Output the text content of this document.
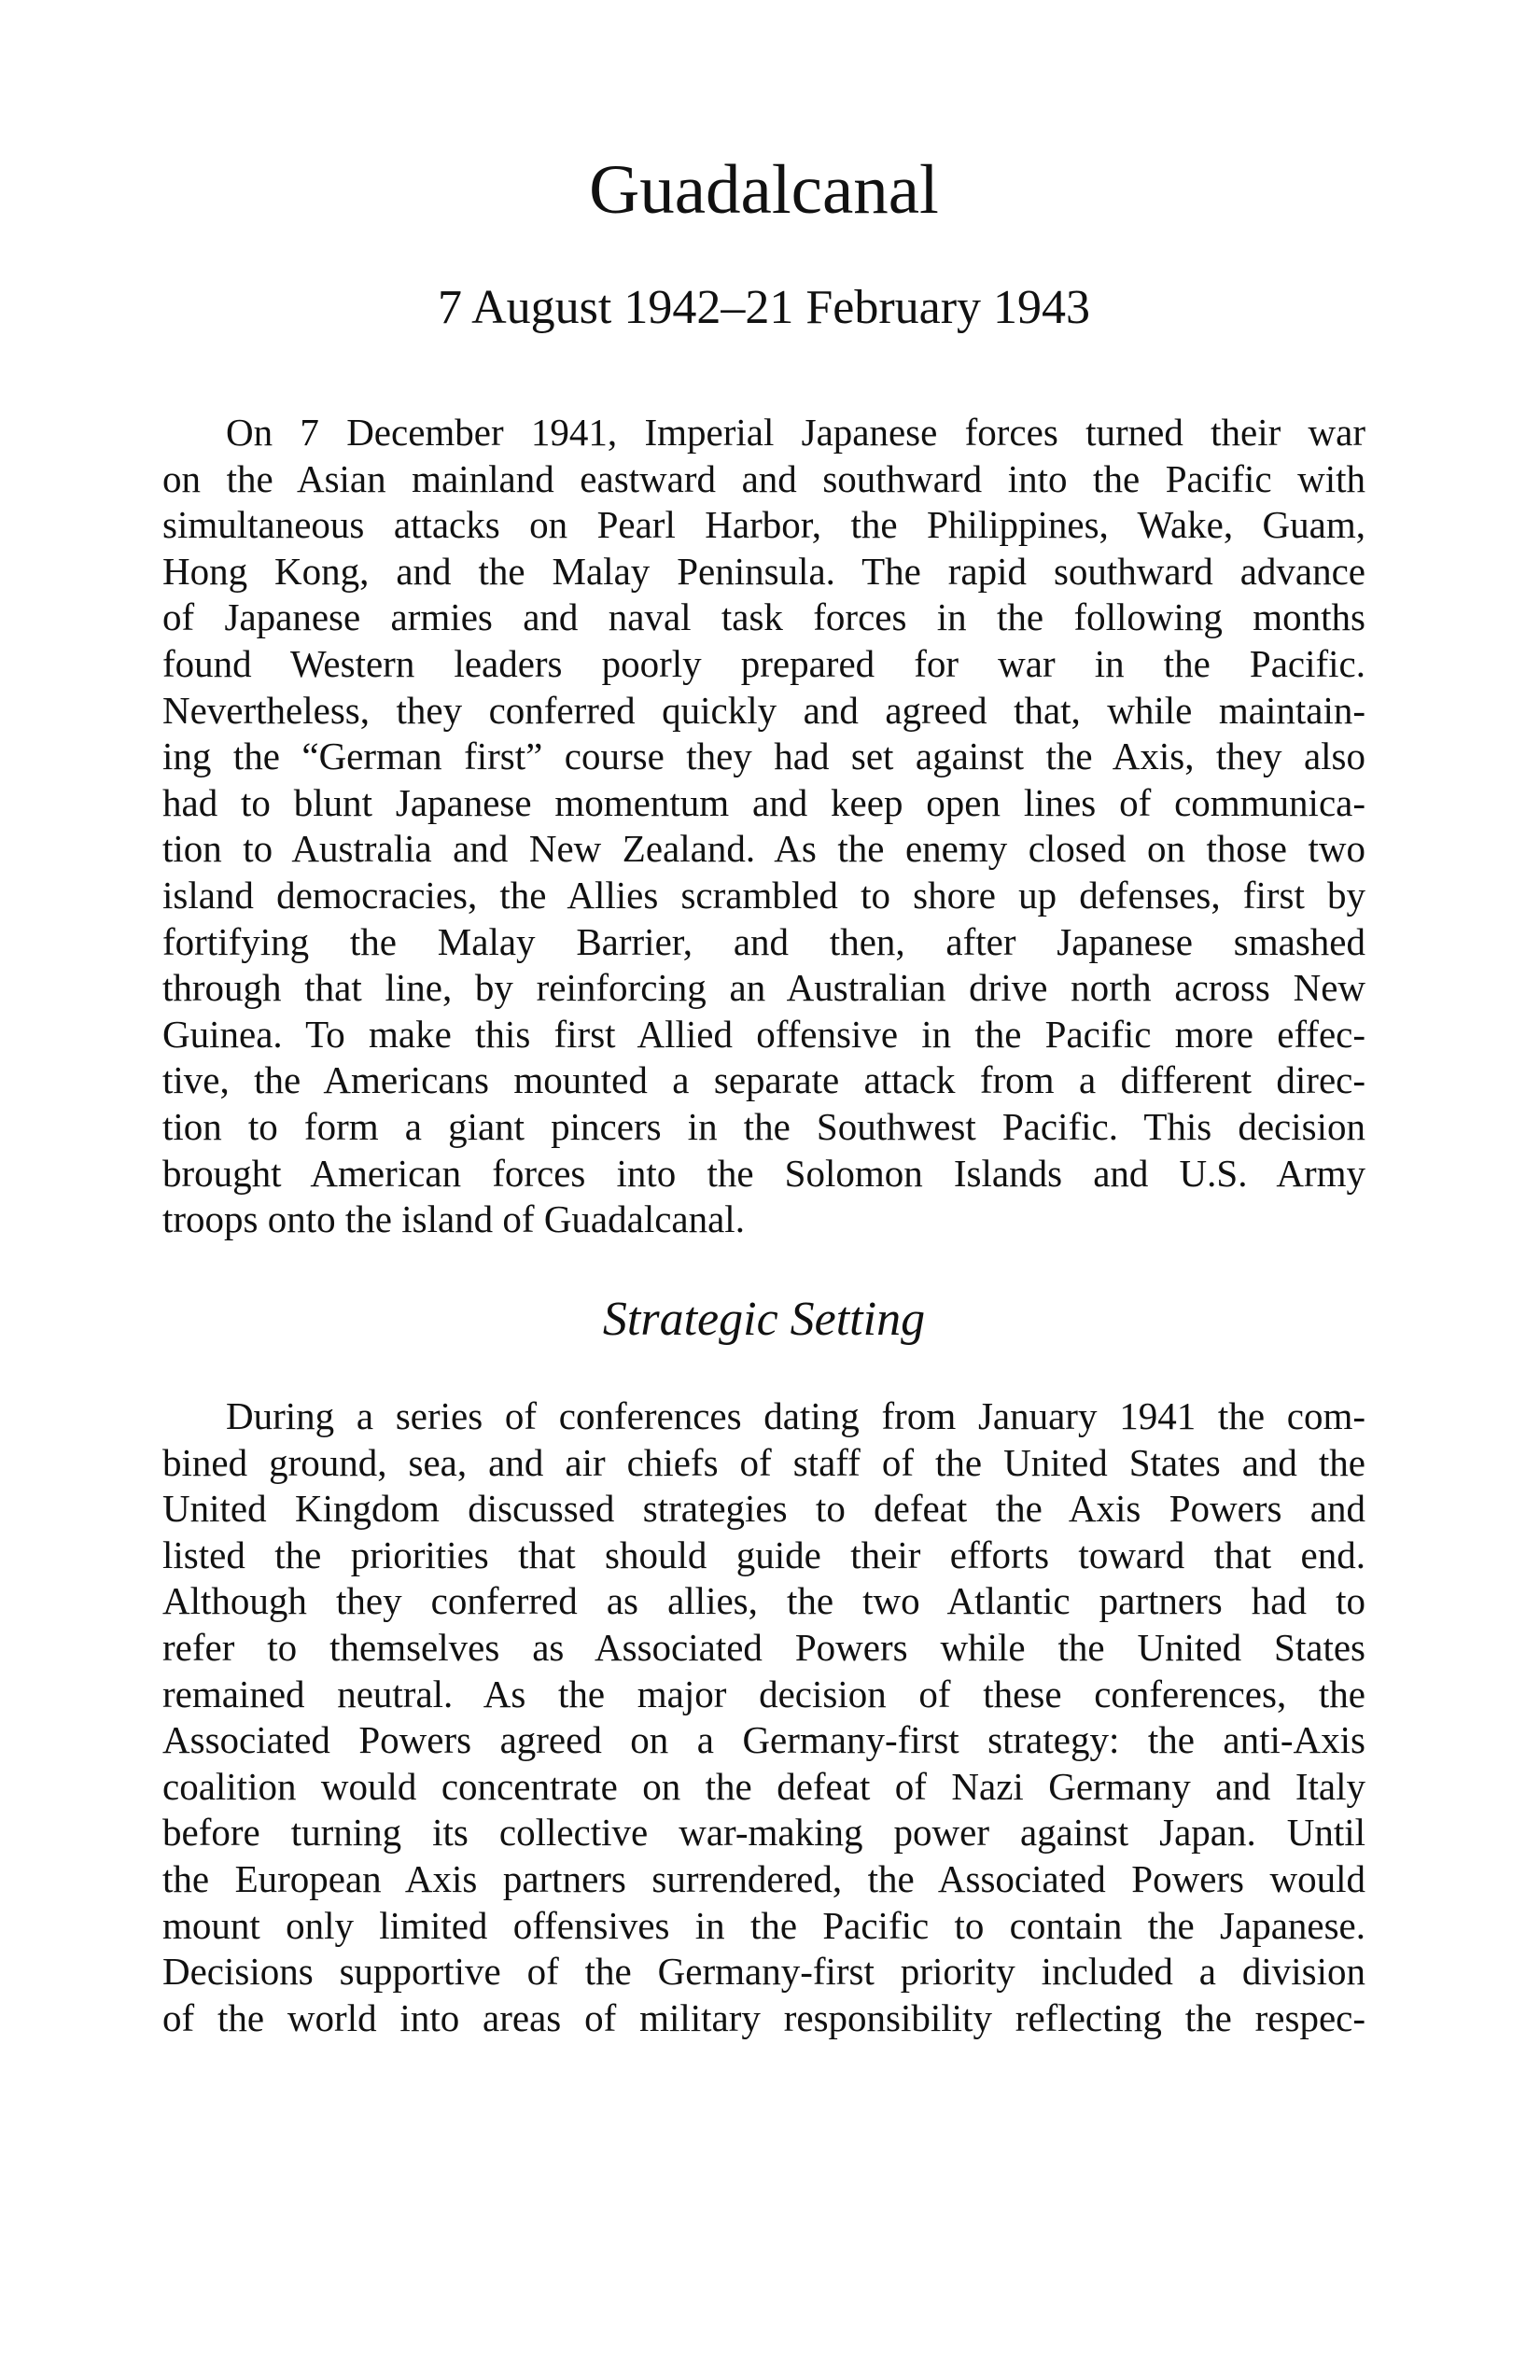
Guadalcanal
7 August 1942–21 February 1943
On 7 December 1941, Imperial Japanese forces turned their war
on the Asian mainland eastward and southward into the Pacific with
simultaneous attacks on Pearl Harbor, the Philippines, Wake, Guam,
Hong Kong, and the Malay Peninsula. The rapid southward advance
of Japanese armies and naval task forces in the following months
found Western leaders poorly prepared for war in the Pacific.
Nevertheless, they conferred quickly and agreed that, while maintain-
ing the “German first” course they had set against the Axis, they also
had to blunt Japanese momentum and keep open lines of communica-
tion to Australia and New Zealand. As the enemy closed on those two
island democracies, the Allies scrambled to shore up defenses, first by
fortifying the Malay Barrier, and then, after Japanese smashed
through that line, by reinforcing an Australian drive north across New
Guinea. To make this first Allied offensive in the Pacific more effec-
tive, the Americans mounted a separate attack from a different direc-
tion to form a giant pincers in the Southwest Pacific. This decision
brought American forces into the Solomon Islands and U.S. Army
troops onto the island of Guadalcanal.
Strategic Setting
During a series of conferences dating from January 1941 the com-
bined ground, sea, and air chiefs of staff of the United States and the
United Kingdom discussed strategies to defeat the Axis Powers and
listed the priorities that should guide their efforts toward that end.
Although they conferred as allies, the two Atlantic partners had to
refer to themselves as Associated Powers while the United States
remained neutral. As the major decision of these conferences, the
Associated Powers agreed on a Germany-first strategy: the anti-Axis
coalition would concentrate on the defeat of Nazi Germany and Italy
before turning its collective war-making power against Japan. Until
the European Axis partners surrendered, the Associated Powers would
mount only limited offensives in the Pacific to contain the Japanese.
Decisions supportive of the Germany-first priority included a division
of the world into areas of military responsibility reflecting the respec-
